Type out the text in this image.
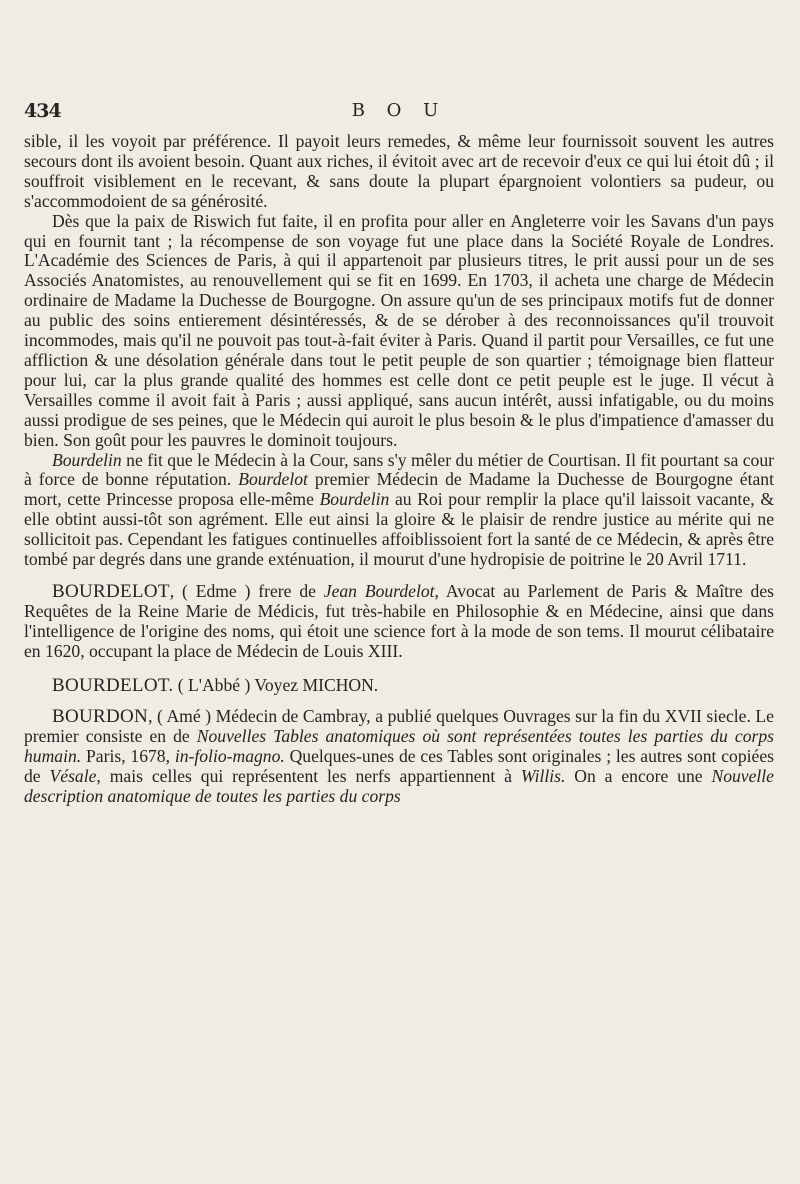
434	B O U

sible, il les voyoit par préférence. Il payoit leurs remedes, & même leur fournissoit souvent les autres secours dont ils avoient besoin. Quant aux riches, il évitoit avec art de recevoir d'eux ce qui lui étoit dû ; il souffroit visiblement en le recevant, & sans doute la plupart épargnoient volontiers sa pudeur, ou s'accommodoient de sa générosité.

Dès que la paix de Riswich fut faite, il en profita pour aller en Angleterre voir les Savans d'un pays qui en fournit tant ; la récompense de son voyage fut une place dans la Société Royale de Londres. L'Académie des Sciences de Paris, à qui il appartenoit par plusieurs titres, le prit aussi pour un de ses Associés Anatomistes, au renouvellement qui se fit en 1699. En 1703, il acheta une charge de Médecin ordinaire de Madame la Duchesse de Bourgogne. On assure qu'un de ses principaux motifs fut de donner au public des soins entierement désintéressés, & de se dérober à des reconnoissances qu'il trouvoit incommodes, mais qu'il ne pouvoit pas tout-à-fait éviter à Paris. Quand il partit pour Versailles, ce fut une affliction & une désolation générale dans tout le petit peuple de son quartier ; témoignage bien flatteur pour lui, car la plus grande qualité des hommes est celle dont ce petit peuple est le juge. Il vécut à Versailles comme il avoit fait à Paris ; aussi appliqué, sans aucun intérêt, aussi infatigable, ou du moins aussi prodigue de ses peines, que le Médecin qui auroit le plus besoin & le plus d'impatience d'amasser du bien. Son goût pour les pauvres le dominoit toujours.

Bourdelin ne fit que le Médecin à la Cour, sans s'y mêler du métier de Courtisan. Il fit pourtant sa cour à force de bonne réputation. Bourdelot premier Médecin de Madame la Duchesse de Bourgogne étant mort, cette Princesse proposa elle-même Bourdelin au Roi pour remplir la place qu'il laissoit vacante, & elle obtint aussi-tôt son agrément. Elle eut ainsi la gloire & le plaisir de rendre justice au mérite qui ne sollicitoit pas. Cependant les fatigues continuelles affoiblissoient fort la santé de ce Médecin, & après être tombé par degrés dans une grande exténuation, il mourut d'une hydropisie de poitrine le 20 Avril 1711.

BOURDELOT, ( Edme ) frere de Jean Bourdelot, Avocat au Parlement de Paris & Maître des Requêtes de la Reine Marie de Médicis, fut très-habile en Philosophie & en Médecine, ainsi que dans l'intelligence de l'origine des noms, qui étoit une science fort à la mode de son tems. Il mourut célibataire en 1620, occupant la place de Médecin de Louis XIII.

BOURDELOT. ( L'Abbé ) Voyez MICHON.

BOURDON, ( Amé ) Médecin de Cambray, a publié quelques Ouvrages sur la fin du XVII siecle. Le premier consiste en de Nouvelles Tables anatomiques où sont représentées toutes les parties du corps humain. Paris, 1678, in-folio-magno. Quelques-unes de ces Tables sont originales ; les autres sont copiées de Vésale, mais celles qui représentent les nerfs appartiennent à Willis. On a encore une Nouvelle description anatomique de toutes les parties du corps
